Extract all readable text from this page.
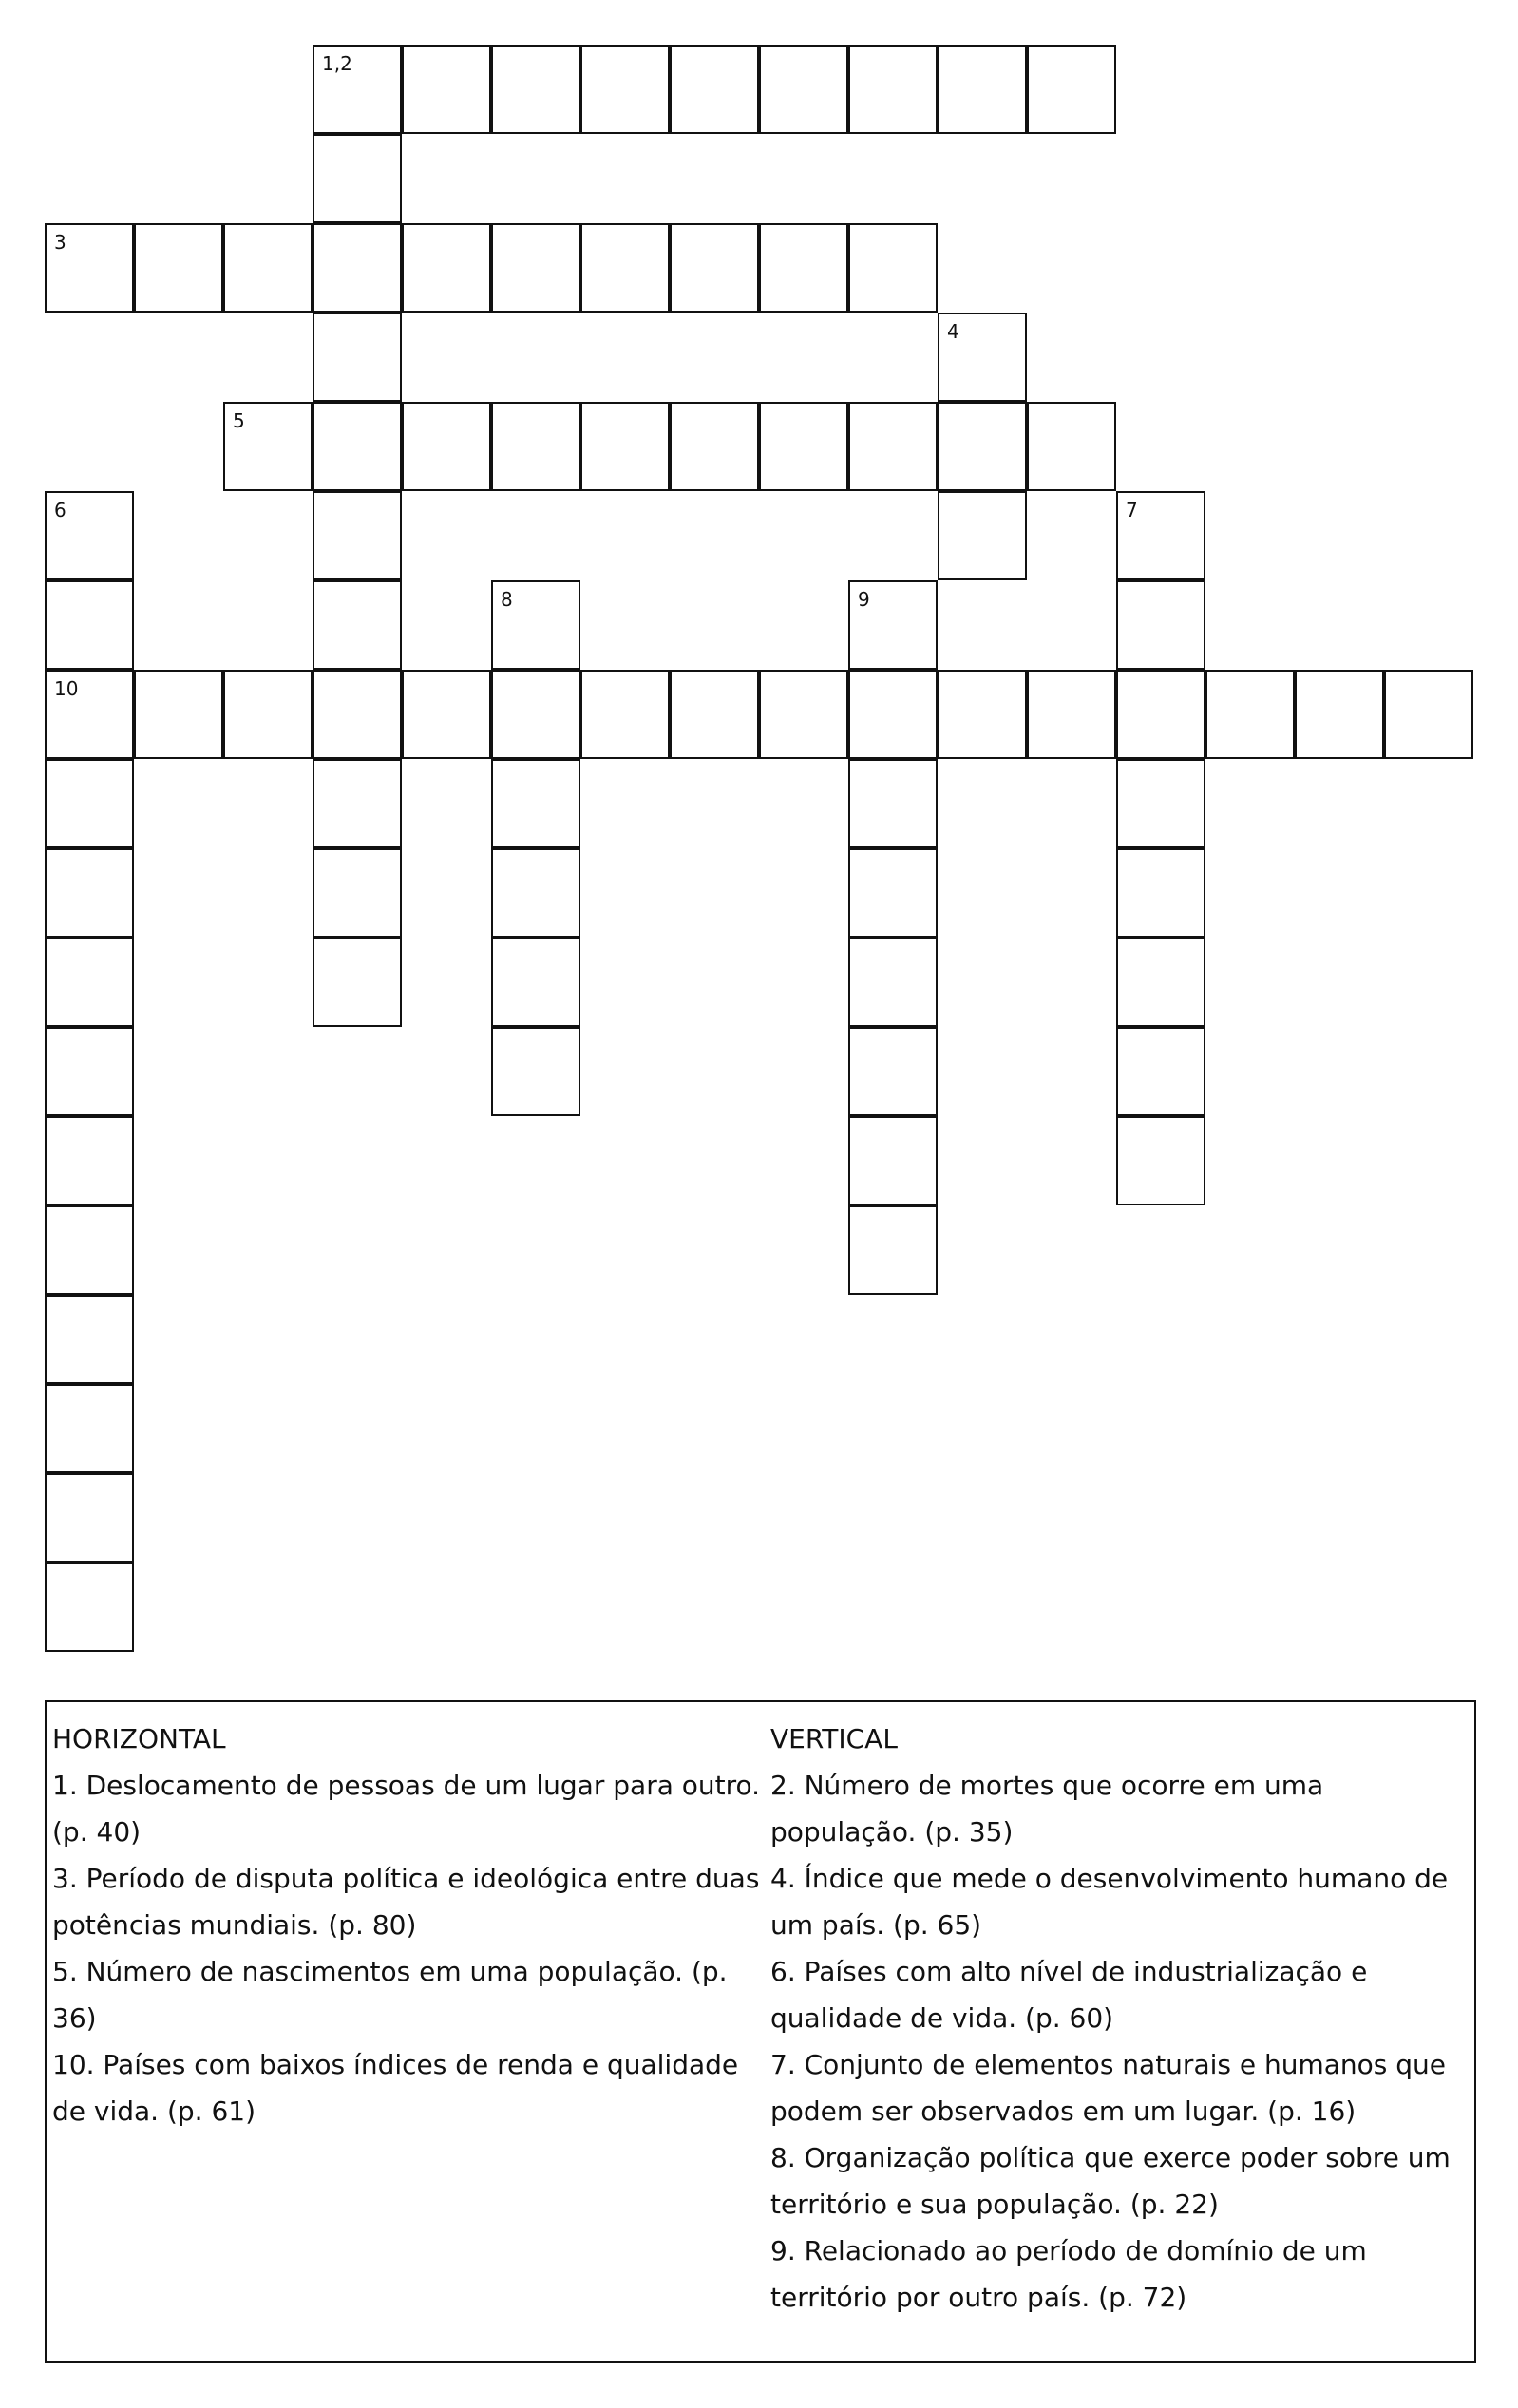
1,2
3
5
10
4
6	7
8	9
HORIZONTAL
1. Deslocamento de pessoas de um lugar para outro. (p. 40)
3. Período de disputa política e ideológica entre duas potências mundiais. (p. 80)
5. Número de nascimentos em uma população. (p. 36)
10. Países com baixos índices de renda e qualidade de vida. (p. 61)
VERTICAL
2. Número de mortes que ocorre em uma população. (p. 35)
4. Índice que mede o desenvolvimento humano de um país. (p. 65)
6. Países com alto nível de industrialização e qualidade de vida. (p. 60)
7. Conjunto de elementos naturais e humanos que podem ser observados em um lugar. (p. 16)
8. Organização política que exerce poder sobre um território e sua população. (p. 22)
9. Relacionado ao período de domínio de um território por outro país. (p. 72)
